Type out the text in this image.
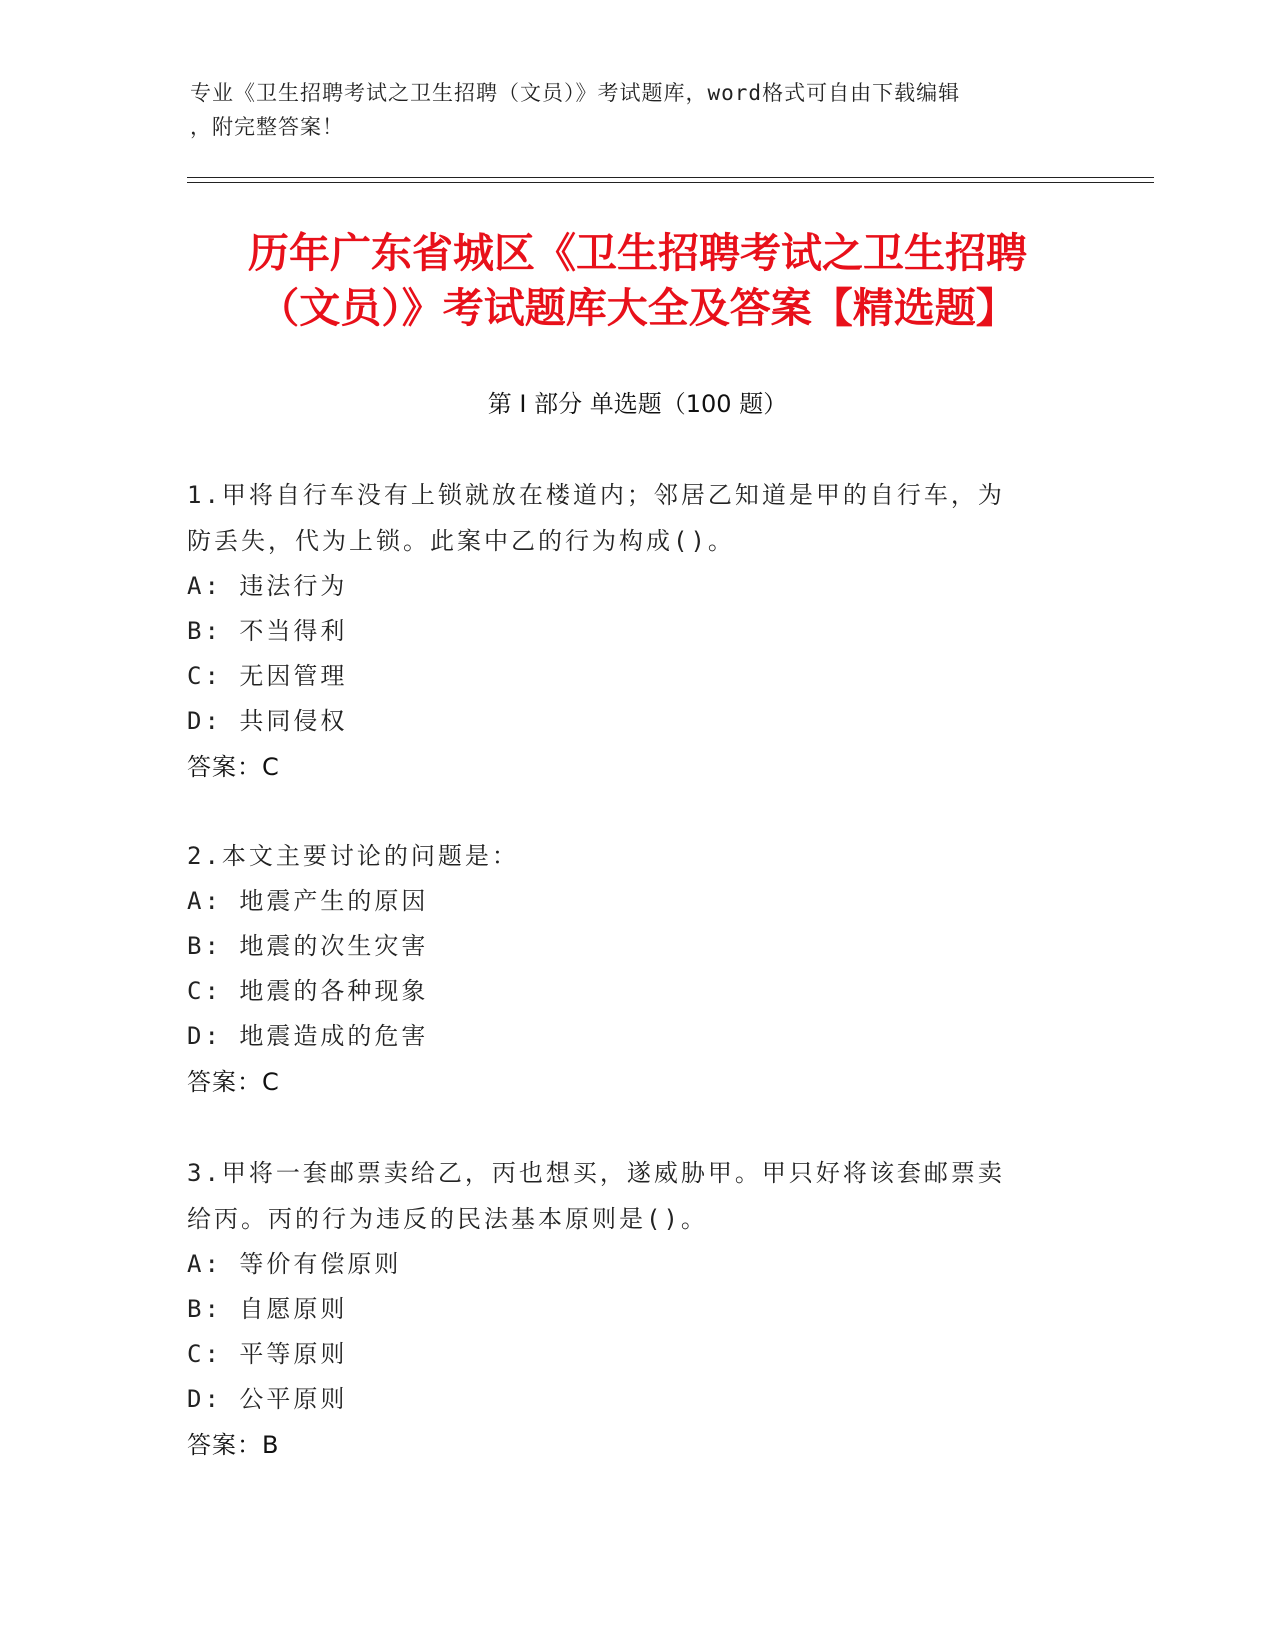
专业《卫生招聘考试之卫生招聘（文员）》考试题库，word格式可自由下载编辑
，附完整答案！
历年广东省城区《卫生招聘考试之卫生招聘
（文员）》考试题库大全及答案【精选题】
第 I 部分 单选题（100 题）
1.甲将自行车没有上锁就放在楼道内；邻居乙知道是甲的自行车，为
防丢失，代为上锁。此案中乙的行为构成()。
A: 违法行为
B: 不当得利
C: 无因管理
D: 共同侵权
答案：C
2.本文主要讨论的问题是：
A: 地震产生的原因
B: 地震的次生灾害
C: 地震的各种现象
D: 地震造成的危害
答案：C
3.甲将一套邮票卖给乙，丙也想买，遂威胁甲。甲只好将该套邮票卖
给丙。丙的行为违反的民法基本原则是()。
A: 等价有偿原则
B: 自愿原则
C: 平等原则
D: 公平原则
答案：B
